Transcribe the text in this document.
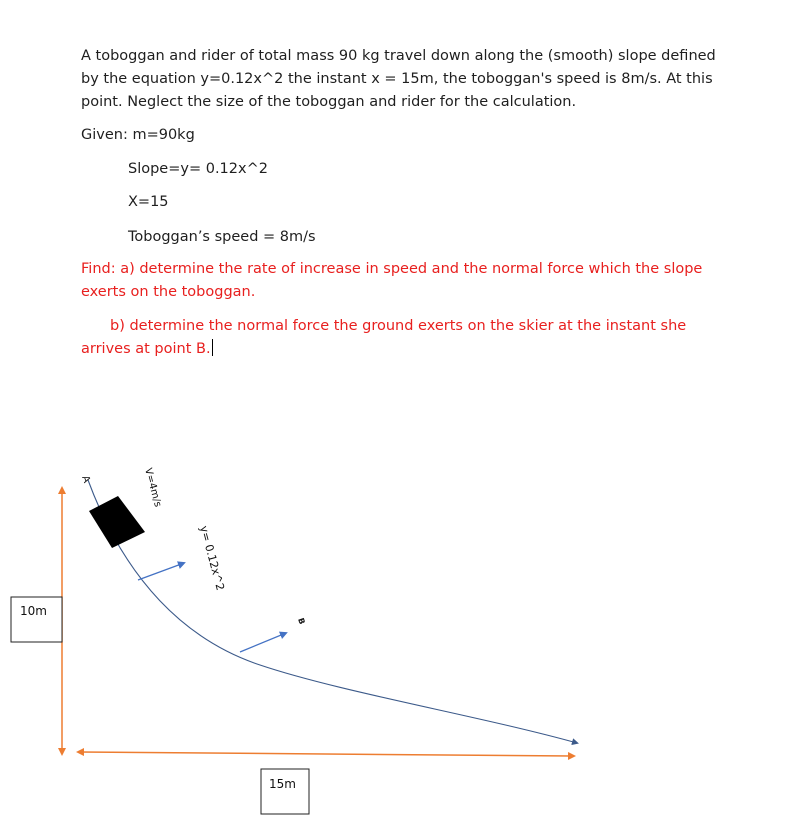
A toboggan and rider of total mass 90 kg travel down along the (smooth) slope defined
by the equation y=0.12x^2 the instant x = 15m, the toboggan's speed is 8m/s. At this
point. Neglect the size of the toboggan and rider for the calculation.
Given: m=90kg
Slope=y= 0.12x^2
X=15
Toboggan’s speed = 8m/s
Find: a) determine the rate of increase in speed and the normal force which the slope
exerts on the toboggan.
b) determine the normal force the ground exerts on the skier at the instant she
arrives at point B.
10m
15m
A	V=4m/s
y= 0.12x^2
B
